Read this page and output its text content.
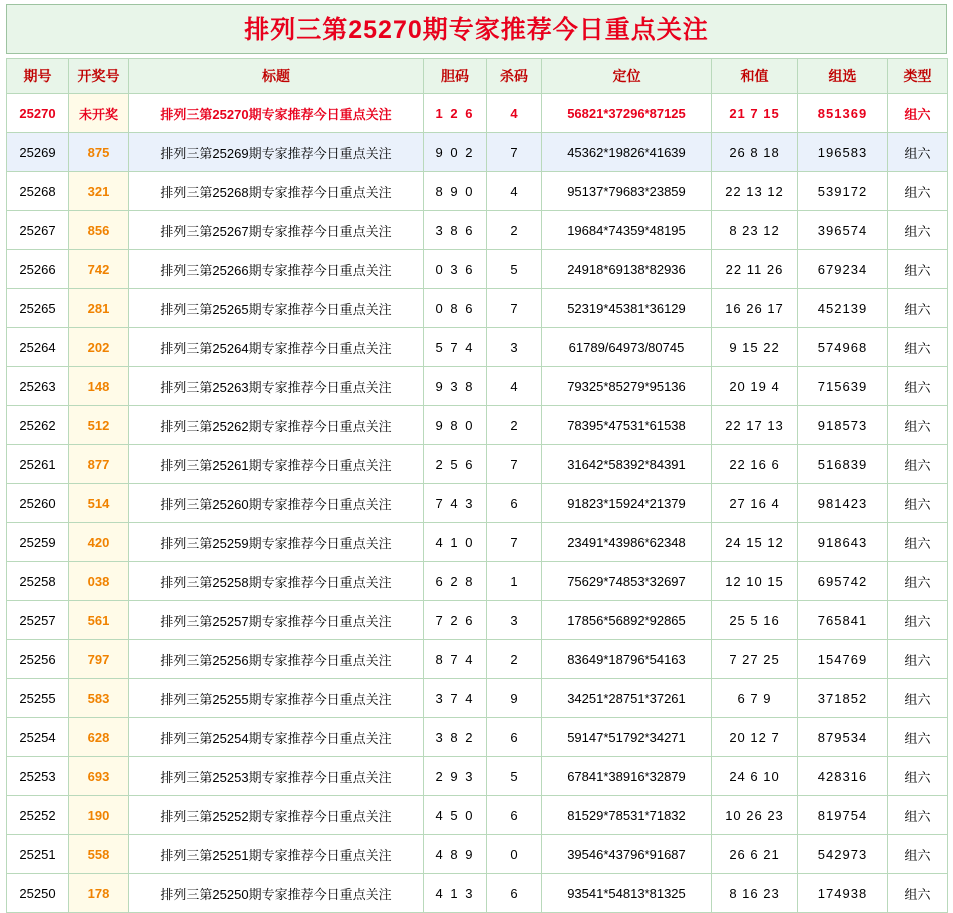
排列三第25270期专家推荐今日重点关注
期号	开奖号	标题	胆码	杀码	定位	和值	组选	类型
25270	未开奖	排列三第25270期专家推荐今日重点关注	1 2 6	4	56821*37296*87125	21 7 15	851369	组六
25269	875	排列三第25269期专家推荐今日重点关注	9 0 2	7	45362*19826*41639	26 8 18	196583	组六
25268	321	排列三第25268期专家推荐今日重点关注	8 9 0	4	95137*79683*23859	22 13 12	539172	组六
25267	856	排列三第25267期专家推荐今日重点关注	3 8 6	2	19684*74359*48195	8 23 12	396574	组六
25266	742	排列三第25266期专家推荐今日重点关注	0 3 6	5	24918*69138*82936	22 11 26	679234	组六
25265	281	排列三第25265期专家推荐今日重点关注	0 8 6	7	52319*45381*36129	16 26 17	452139	组六
25264	202	排列三第25264期专家推荐今日重点关注	5 7 4	3	61789/64973/80745	9 15 22	574968	组六
25263	148	排列三第25263期专家推荐今日重点关注	9 3 8	4	79325*85279*95136	20 19 4	715639	组六
25262	512	排列三第25262期专家推荐今日重点关注	9 8 0	2	78395*47531*61538	22 17 13	918573	组六
25261	877	排列三第25261期专家推荐今日重点关注	2 5 6	7	31642*58392*84391	22 16 6	516839	组六
25260	514	排列三第25260期专家推荐今日重点关注	7 4 3	6	91823*15924*21379	27 16 4	981423	组六
25259	420	排列三第25259期专家推荐今日重点关注	4 1 0	7	23491*43986*62348	24 15 12	918643	组六
25258	038	排列三第25258期专家推荐今日重点关注	6 2 8	1	75629*74853*32697	12 10 15	695742	组六
25257	561	排列三第25257期专家推荐今日重点关注	7 2 6	3	17856*56892*92865	25 5 16	765841	组六
25256	797	排列三第25256期专家推荐今日重点关注	8 7 4	2	83649*18796*54163	7 27 25	154769	组六
25255	583	排列三第25255期专家推荐今日重点关注	3 7 4	9	34251*28751*37261	6 7 9	371852	组六
25254	628	排列三第25254期专家推荐今日重点关注	3 8 2	6	59147*51792*34271	20 12 7	879534	组六
25253	693	排列三第25253期专家推荐今日重点关注	2 9 3	5	67841*38916*32879	24 6 10	428316	组六
25252	190	排列三第25252期专家推荐今日重点关注	4 5 0	6	81529*78531*71832	10 26 23	819754	组六
25251	558	排列三第25251期专家推荐今日重点关注	4 8 9	0	39546*43796*91687	26 6 21	542973	组六
25250	178	排列三第25250期专家推荐今日重点关注	4 1 3	6	93541*54813*81325	8 16 23	174938	组六
